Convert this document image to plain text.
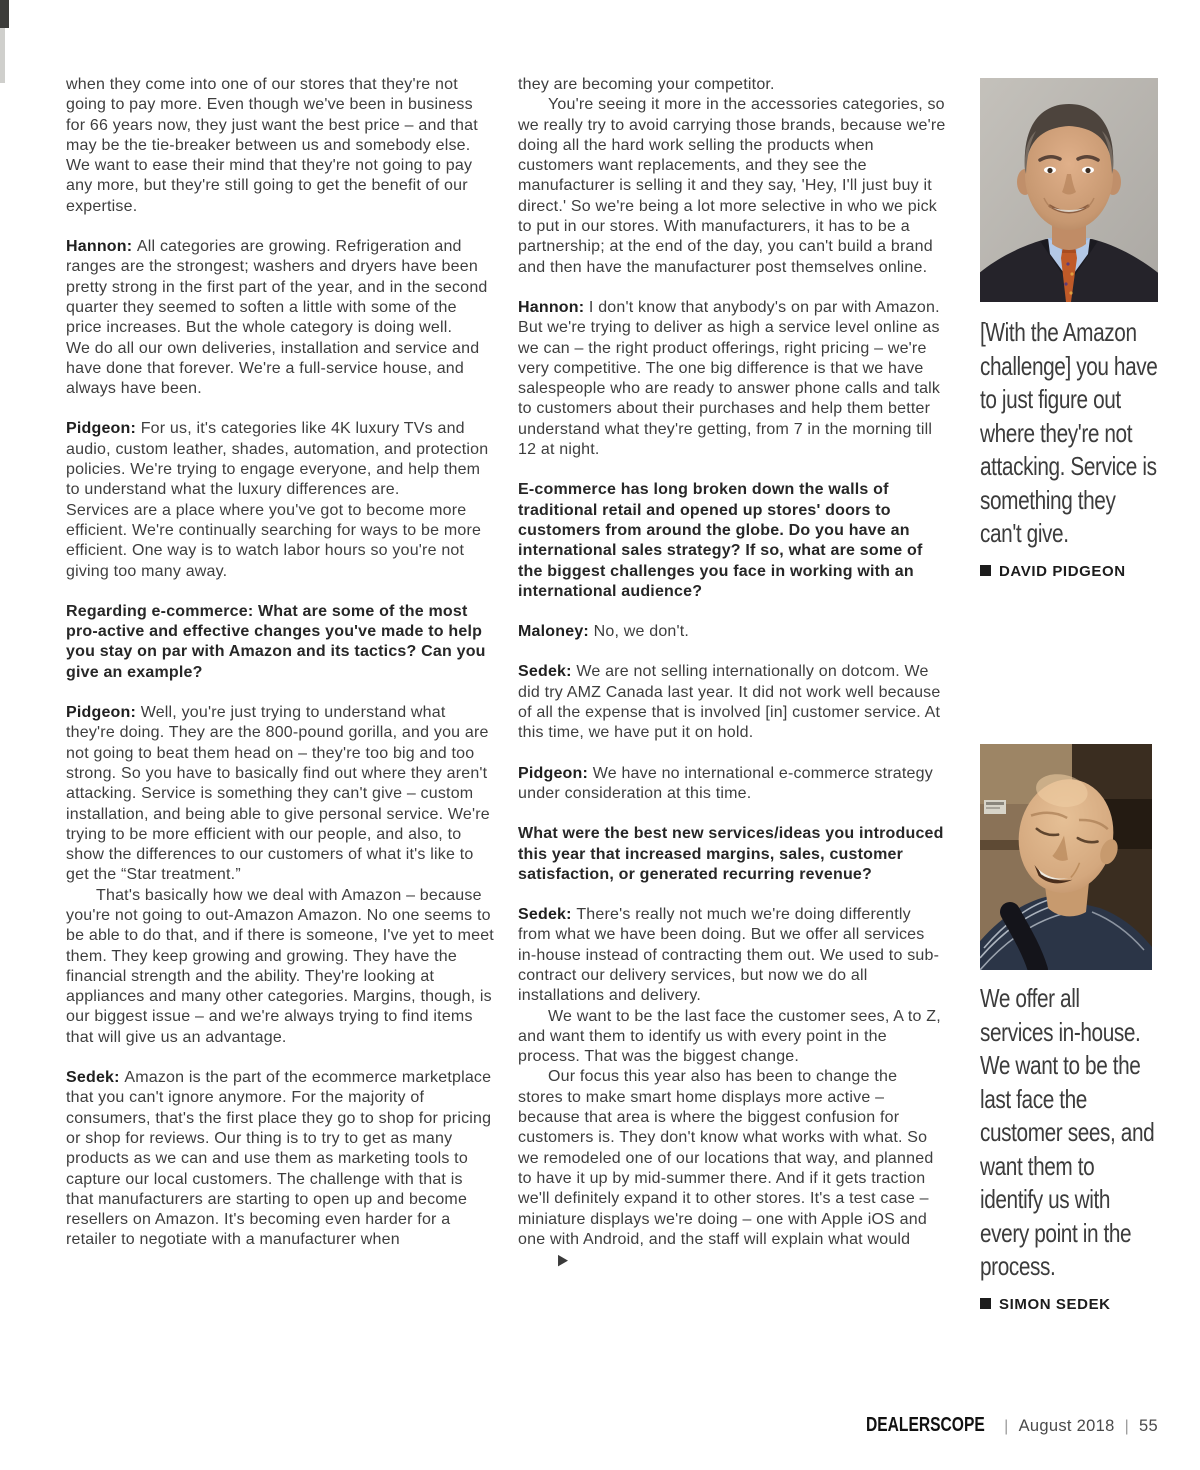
when they come into one of our stores that they're not going to pay more. Even though we've been in business for 66 years now, they just want the best price – and that may be the tie-breaker between us and somebody else. We want to ease their mind that they're not going to pay any more, but they're still going to get the benefit of our expertise.

Hannon: All categories are growing. Refrigeration and ranges are the strongest; washers and dryers have been pretty strong in the first part of the year, and in the second quarter they seemed to soften a little with some of the price increases. But the whole category is doing well.
We do all our own deliveries, installation and service and have done that forever. We're a full-service house, and always have been.

Pidgeon: For us, it's categories like 4K luxury TVs and audio, custom leather, shades, automation, and protection policies. We're trying to engage everyone, and help them to understand what the luxury differences are.
Services are a place where you've got to become more efficient. We're continually searching for ways to be more efficient. One way is to watch labor hours so you're not giving too many away.

Regarding e-commerce: What are some of the most pro-active and effective changes you've made to help you stay on par with Amazon and its tactics? Can you give an example?

Pidgeon: Well, you're just trying to understand what they're doing. They are the 800-pound gorilla, and you are not going to beat them head on – they're too big and too strong. So you have to basically find out where they aren't attacking. Service is something they can't give – custom installation, and being able to give personal service. We're trying to be more efficient with our people, and also, to show the differences to our customers of what it's like to get the “Star treatment.”
That's basically how we deal with Amazon – because you're not going to out-Amazon Amazon. No one seems to be able to do that, and if there is someone, I've yet to meet them. They keep growing and growing. They have the financial strength and the ability. They're looking at appliances and many other categories. Margins, though, is our biggest issue – and we're always trying to find items that will give us an advantage.

Sedek: Amazon is the part of the ecommerce marketplace that you can't ignore anymore. For the majority of consumers, that's the first place they go to shop for pricing or shop for reviews. Our thing is to try to get as many products as we can and use them as marketing tools to capture our local customers. The challenge with that is that manufacturers are starting to open up and become resellers on Amazon. It's becoming even harder for a retailer to negotiate with a manufacturer when

they are becoming your competitor.
You're seeing it more in the accessories categories, so we really try to avoid carrying those brands, because we're doing all the hard work selling the products when customers want replacements, and they see the manufacturer is selling it and they say, 'Hey, I'll just buy it direct.' So we're being a lot more selective in who we pick to put in our stores. With manufacturers, it has to be a partnership; at the end of the day, you can't build a brand and then have the manufacturer post themselves online.

Hannon: I don't know that anybody's on par with Amazon. But we're trying to deliver as high a service level online as we can – the right product offerings, right pricing – we're very competitive. The one big difference is that we have salespeople who are ready to answer phone calls and talk to customers about their purchases and help them better understand what they're getting, from 7 in the morning till 12 at night.

E-commerce has long broken down the walls of traditional retail and opened up stores' doors to customers from around the globe. Do you have an international sales strategy? If so, what are some of the biggest challenges you face in working with an international audience?

Maloney: No, we don't.

Sedek: We are not selling internationally on dotcom. We did try AMZ Canada last year. It did not work well because of all the expense that is involved [in] customer service. At this time, we have put it on hold.

Pidgeon: We have no international e-commerce strategy under consideration at this time.

What were the best new services/ideas you introduced this year that increased margins, sales, customer satisfaction, or generated recurring revenue?

Sedek: There's really not much we're doing differently from what we have been doing. But we offer all services in-house instead of contracting them out. We used to sub-contract our delivery services, but now we do all installations and delivery.
We want to be the last face the customer sees, A to Z, and want them to identify us with every point in the process. That was the biggest change.
Our focus this year also has been to change the stores to make smart home displays more active – because that area is where the biggest confusion for customers is. They don't know what works with what. So we remodeled one of our locations that way, and planned to have it up by mid-summer there. And if it gets traction we'll definitely expand it to other stores. It's a test case – miniature displays we're doing – one with Apple iOS and one with Android, and the staff will explain what would▶

[With the Amazon challenge] you have to just figure out where they're not attacking. Service is something they can't give.
DAVID PIDGEON
We offer all services in-house. We want to be the last face the customer sees, and want them to identify us with every point in the process.
SIMON SEDEK
DEALERSCOPE | August 2018 | 55
